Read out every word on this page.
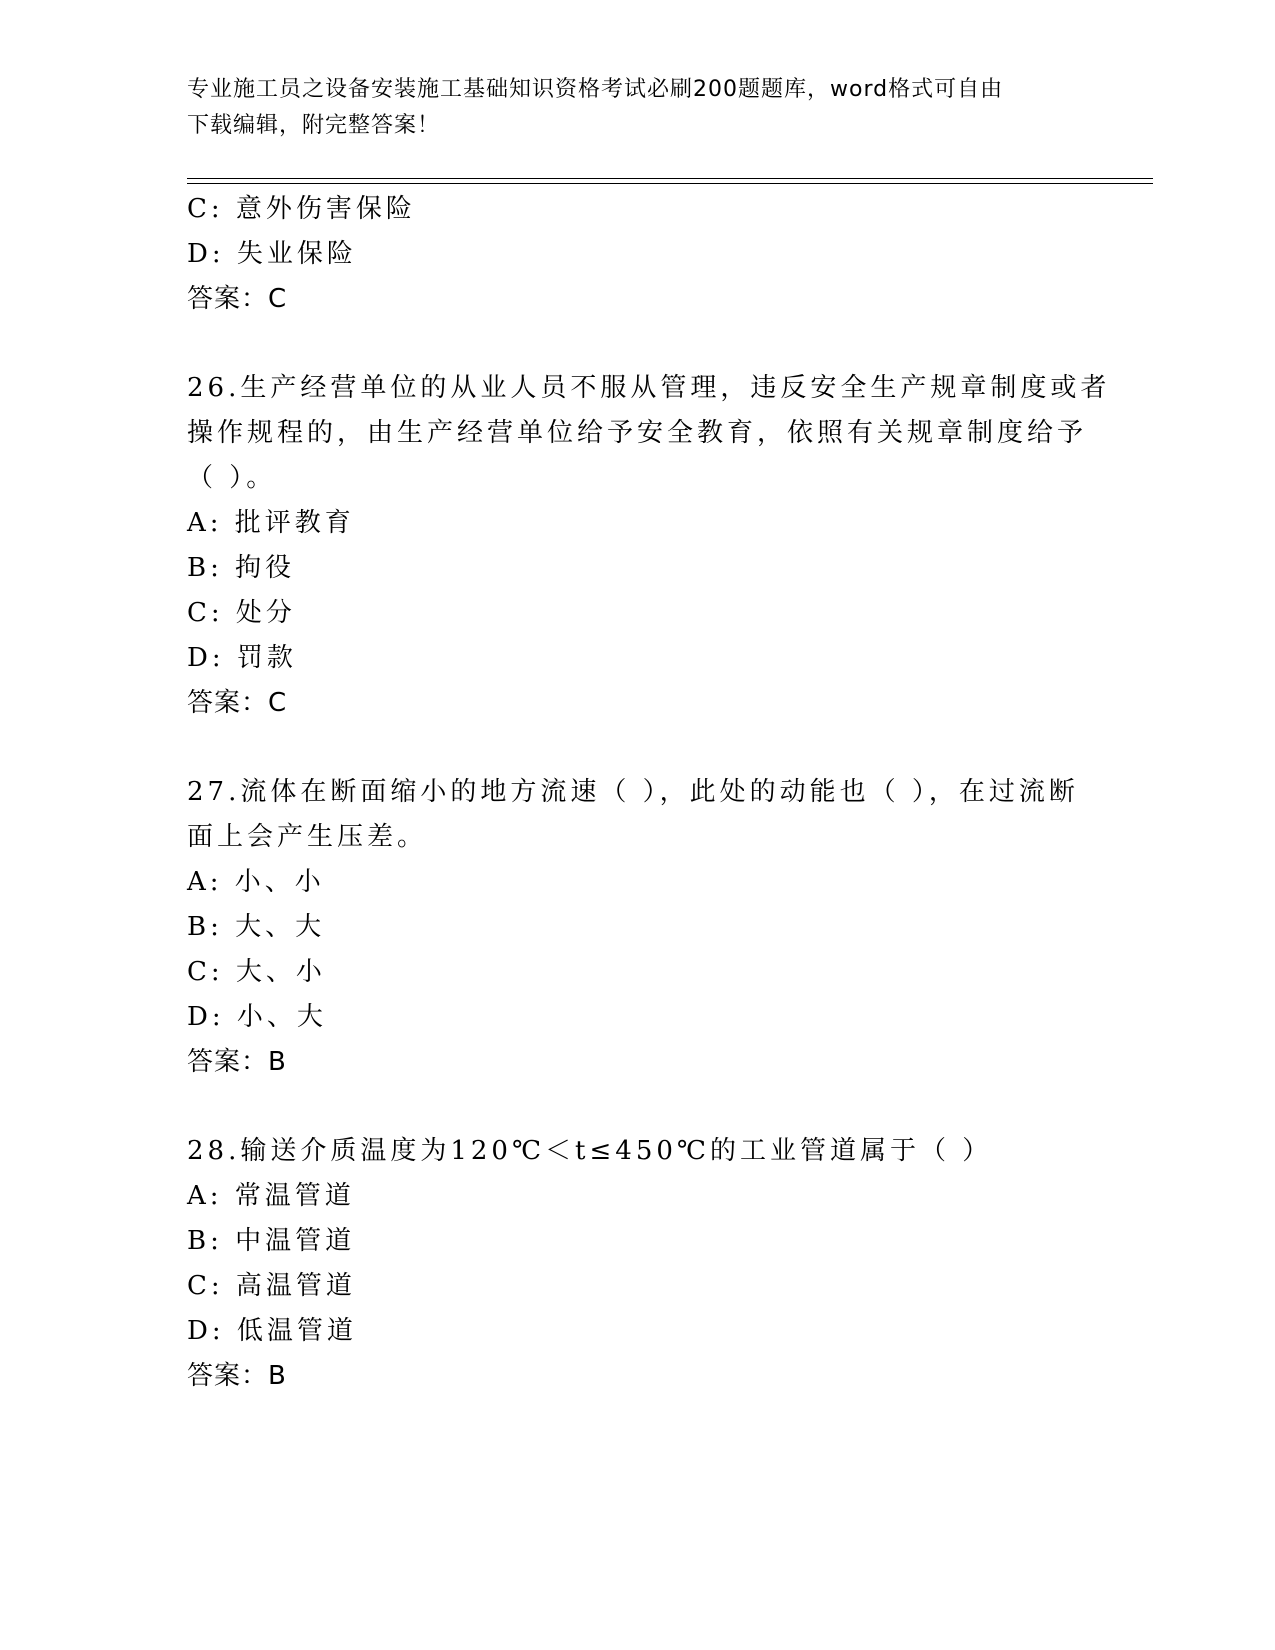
专业施工员之设备安装施工基础知识资格考试必刷200题题库，word格式可自由
下载编辑，附完整答案！
C: 意外伤害保险
D: 失业保险
答案：C
26.生产经营单位的从业人员不服从管理，违反安全生产规章制度或者
操作规程的，由生产经营单位给予安全教育，依照有关规章制度给予
（ ）。
A: 批评教育
B: 拘役
C: 处分
D: 罚款
答案：C
27.流体在断面缩小的地方流速（ ），此处的动能也（ ），在过流断
面上会产生压差。
A: 小、小
B: 大、大
C: 大、小
D: 小、大
答案：B
28.输送介质温度为120℃＜t≤450℃的工业管道属于（ ）
A: 常温管道
B: 中温管道
C: 高温管道
D: 低温管道
答案：B
